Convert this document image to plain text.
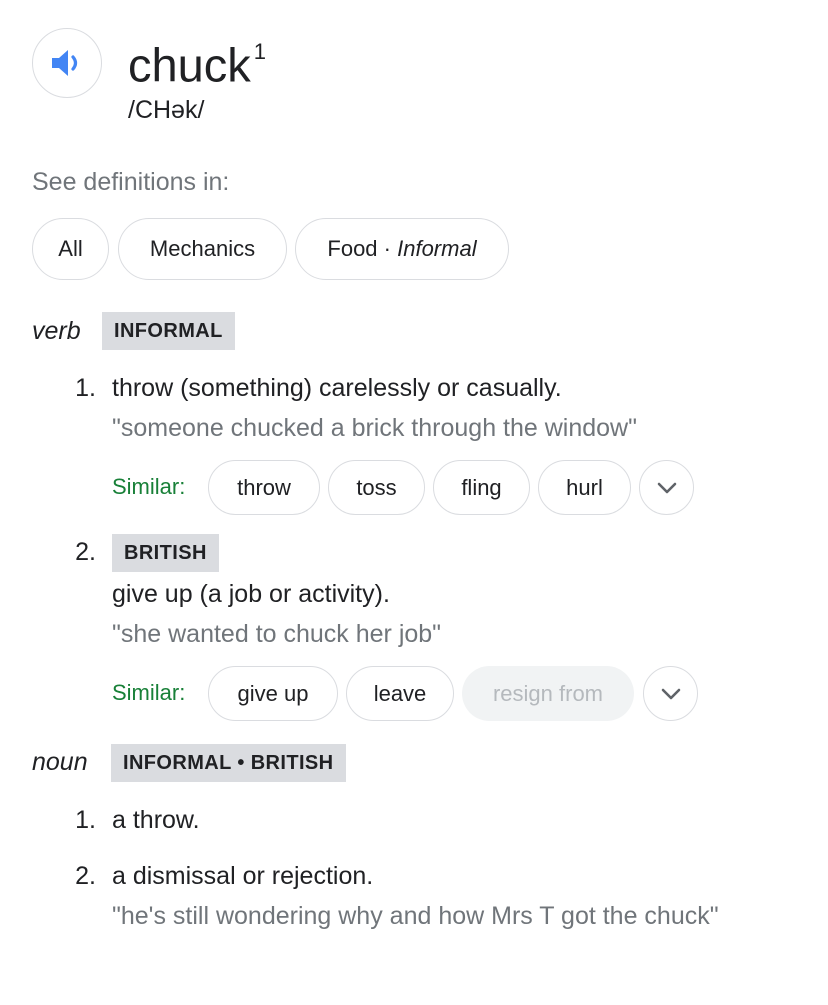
chuck $^1$
/CHək/
See definitions in:
All	Mechanics	Food · Informal
verb	INFORMAL
1. throw (something) carelessly or casually.
"someone chucked a brick through the window"
Similar: throw	toss	fling	hurl
2.	BRITISH
give up (a job or activity).
"she wanted to chuck her job"
Similar: give up	leave	resign from
noun	INFORMAL • BRITISH
1. a throw.
2. a dismissal or rejection.
"he's still wondering why and how Mrs T got the chuck"
